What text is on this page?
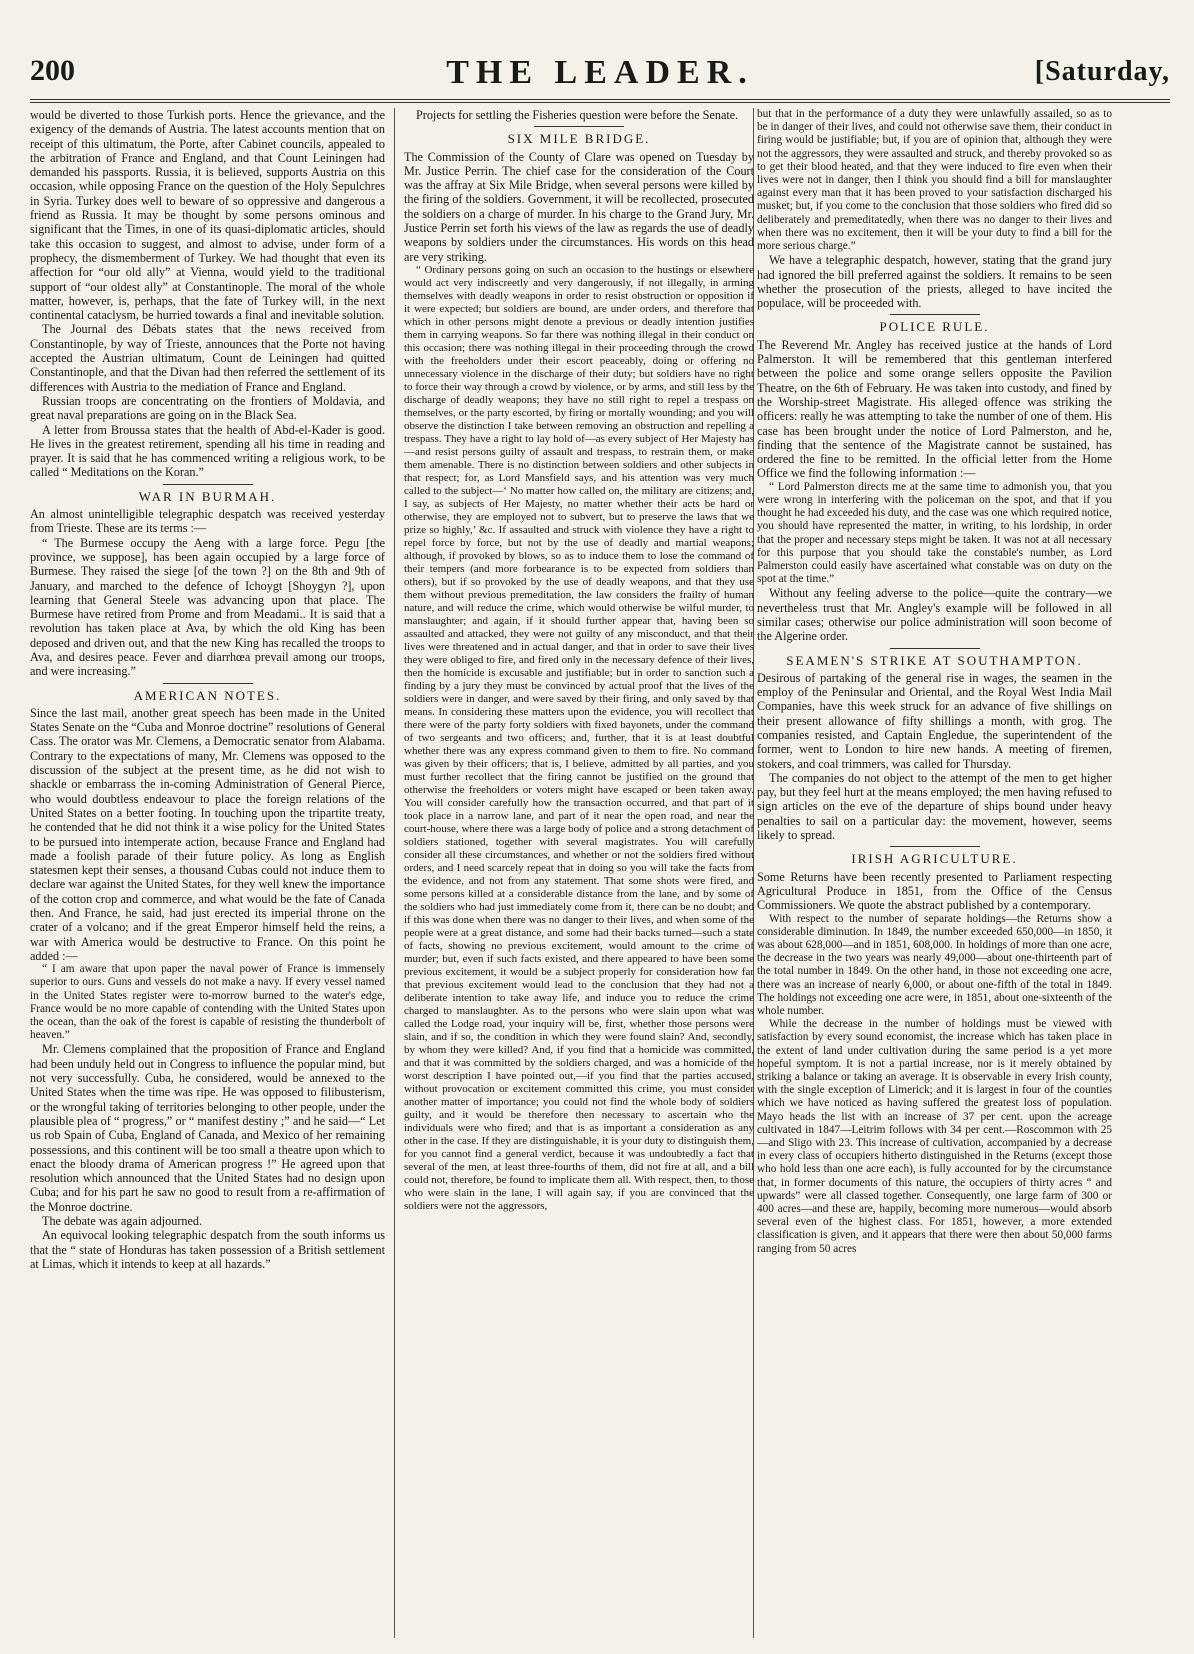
200	THE LEADER.	[Saturday,

would be diverted to those Turkish ports. Hence the grievance, and the exigency of the demands of Austria. The latest accounts mention that on receipt of this ultimatum, the Porte, after Cabinet councils, appealed to the arbitration of France and England, and that Count Leiningen had demanded his passports. Russia, it is believed, supports Austria on this occasion, while opposing France on the question of the Holy Sepulchres in Syria. Turkey does well to beware of so oppressive and dangerous a friend as Russia. It may be thought by some persons ominous and significant that the Times, in one of its quasi-diplomatic articles, should take this occasion to suggest, and almost to advise, under form of a prophecy, the dismemberment of Turkey. We had thought that even its affection for “our old ally” at Vienna, would yield to the traditional support of “our oldest ally” at Constantinople. The moral of the whole matter, however, is, perhaps, that the fate of Turkey will, in the next continental cataclysm, be hurried towards a final and inevitable solution.

The Journal des Débats states that the news received from Constantinople, by way of Trieste, announces that the Porte not having accepted the Austrian ultimatum, Count de Leiningen had quitted Constantinople, and that the Divan had then referred the settlement of its differences with Austria to the mediation of France and England.

Russian troops are concentrating on the frontiers of Moldavia, and great naval preparations are going on in the Black Sea.

A letter from Broussa states that the health of Abd-el-Kader is good. He lives in the greatest retirement, spending all his time in reading and prayer. It is said that he has commenced writing a religious work, to be called “ Meditations on the Koran.”

WAR IN BURMAH.

An almost unintelligible telegraphic despatch was received yesterday from Trieste. These are its terms :—

“ The Burmese occupy the Aeng with a large force. Pegu [the province, we suppose], has been again occupied by a large force of Burmese. They raised the siege [of the town ?] on the 8th and 9th of January, and marched to the defence of Ichoygt [Shoygyn ?], upon learning that General Steele was advancing upon that place. The Burmese have retired from Prome and from Meadami.. It is said that a revolution has taken place at Ava, by which the old King has been deposed and driven out, and that the new King has recalled the troops to Ava, and desires peace. Fever and diarrhœa prevail among our troops, and were increasing.”

AMERICAN NOTES.

Since the last mail, another great speech has been made in the United States Senate on the “Cuba and Monroe doctrine” resolutions of General Cass. The orator was Mr. Clemens, a Democratic senator from Alabama. Contrary to the expectations of many, Mr. Clemens was opposed to the discussion of the subject at the present time, as he did not wish to shackle or embarrass the in-coming Administration of General Pierce, who would doubtless endeavour to place the foreign relations of the United States on a better footing. In touching upon the tripartite treaty, he contended that he did not think it a wise policy for the United States to be pursued into intemperate action, because France and England had made a foolish parade of their future policy. As long as English statesmen kept their senses, a thousand Cubas could not induce them to declare war against the United States, for they well knew the importance of the cotton crop and commerce, and what would be the fate of Canada then. And France, he said, had just erected its imperial throne on the crater of a volcano; and if the great Emperor himself held the reins, a war with America would be destructive to France. On this point he added :—

“ I am aware that upon paper the naval power of France is immensely superior to ours. Guns and vessels do not make a navy. If every vessel named in the United States register were to-morrow burned to the water's edge, France would be no more capable of contending with the United States upon the ocean, than the oak of the forest is capable of resisting the thunderbolt of heaven.”

Mr. Clemens complained that the proposition of France and England had been unduly held out in Congress to influence the popular mind, but not very successfully. Cuba, he considered, would be annexed to the United States when the time was ripe. He was opposed to filibusterism, or the wrongful taking of territories belonging to other people, under the plausible plea of “ progress,” or “ manifest destiny ;” and he said—“ Let us rob Spain of Cuba, England of Canada, and Mexico of her remaining possessions, and this continent will be too small a theatre upon which to enact the bloody drama of American progress !” He agreed upon that resolution which announced that the United States had no design upon Cuba; and for his part he saw no good to result from a re-affirmation of the Monroe doctrine.

The debate was again adjourned.

An equivocal looking telegraphic despatch from the south informs us that the “ state of Honduras has taken possession of a British settlement at Limas, which it intends to keep at all hazards.”

Projects for settling the Fisheries question were before the Senate.

SIX MILE BRIDGE.

The Commission of the County of Clare was opened on Tuesday by Mr. Justice Perrin. The chief case for the consideration of the Court was the affray at Six Mile Bridge, when several persons were killed by the firing of the soldiers. Government, it will be recollected, prosecuted the soldiers on a charge of murder. In his charge to the Grand Jury, Mr. Justice Perrin set forth his views of the law as regards the use of deadly weapons by soldiers under the circumstances. His words on this head are very striking.

“ Ordinary persons going on such an occasion to the hustings or elsewhere would act very indiscreetly and very dangerously, if not illegally, in arming themselves with deadly weapons in order to resist obstruction or opposition if it were expected; but soldiers are bound, are under orders, and therefore that which in other persons might denote a previous or deadly intention justifies them in carrying weapons. So far there was nothing illegal in their conduct on this occasion; there was nothing illegal in their proceeding through the crowd with the freeholders under their escort peaceably, doing or offering no unnecessary violence in the discharge of their duty; but soldiers have no right to force their way through a crowd by violence, or by arms, and still less by the discharge of deadly weapons; they have no still right to repel a trespass on themselves, or the party escorted, by firing or mortally wounding; and you will observe the distinction I take between removing an obstruction and repelling a trespass. They have a right to lay hold of—as every subject of Her Majesty has—and resist persons guilty of assault and trespass, to restrain them, or make them amenable. There is no distinction between soldiers and other subjects in that respect; for, as Lord Mansfield says, and his attention was very much called to the subject—‘ No matter how called on, the military are citizens; and, I say, as subjects of Her Majesty, no matter whether their acts be hard or otherwise, they are employed not to subvert, but to preserve the laws that we prize so highly,’ &c. If assaulted and struck with violence they have a right to repel force by force, but not by the use of deadly and martial weapons; although, if provoked by blows, so as to induce them to lose the command of their tempers (and more forbearance is to be expected from soldiers than others), but if so provoked by the use of deadly weapons, and that they use them without previous premeditation, the law considers the frailty of human nature, and will reduce the crime, which would otherwise be wilful murder, to manslaughter; and again, if it should further appear that, having been so assaulted and attacked, they were not guilty of any misconduct, and that their lives were threatened and in actual danger, and that in order to save their lives they were obliged to fire, and fired only in the necessary defence of their lives, then the homicide is excusable and justifiable; but in order to sanction such a finding by a jury they must be convinced by actual proof that the lives of the soldiers were in danger, and were saved by their firing, and only saved by that means. In considering these matters upon the evidence, you will recollect that there were of the party forty soldiers with fixed bayonets, under the command of two sergeants and two officers; and, further, that it is at least doubtful whether there was any express command given to them to fire. No command was given by their officers; that is, I believe, admitted by all parties, and you must further recollect that the firing cannot be justified on the ground that otherwise the freeholders or voters might have escaped or been taken away. You will consider carefully how the transaction occurred, and that part of it took place in a narrow lane, and part of it near the open road, and near the court-house, where there was a large body of police and a strong detachment of soldiers stationed, together with several magistrates. You will carefully consider all these circumstances, and whether or not the soldiers fired without orders, and I need scarcely repeat that in doing so you will take the facts from the evidence, and not from any statement. That some shots were fired, and some persons killed at a considerable distance from the lane, and by some of the soldiers who had just immediately come from it, there can be no doubt; and if this was done when there was no danger to their lives, and when some of the people were at a great distance, and some had their backs turned—such a state of facts, showing no previous excitement, would amount to the crime of murder; but, even if such facts existed, and there appeared to have been some previous excitement, it would be a subject properly for consideration how far that previous excitement would lead to the conclusion that they had not a deliberate intention to take away life, and induce you to reduce the crime charged to manslaughter. As to the persons who were slain upon what was called the Lodge road, your inquiry will be, first, whether those persons were slain, and if so, the condition in which they were found slain? And, secondly, by whom they were killed? And, if you find that a homicide was committed, and that it was committed by the soldiers charged, and was a homicide of the worst description I have pointed out,—if you find that the parties accused, without provocation or excitement committed this crime, you must consider another matter of importance; you could not find the whole body of soldiers guilty, and it would be therefore then necessary to ascertain who the individuals were who fired; and that is as important a consideration as any other in the case. If they are distinguishable, it is your duty to distinguish them, for you cannot find a general verdict, because it was undoubtedly a fact that several of the men, at least three-fourths of them, did not fire at all, and a bill could not, therefore, be found to implicate them all. With respect, then, to those who were slain in the lane, I will again say, if you are convinced that the soldiers were not the aggressors,

but that in the performance of a duty they were unlawfully assailed, so as to be in danger of their lives, and could not otherwise save them, their conduct in firing would be justifiable; but, if you are of opinion that, although they were not the aggressors, they were assaulted and struck, and thereby provoked so as to get their blood heated, and that they were induced to fire even when their lives were not in danger, then I think you should find a bill for manslaughter against every man that it has been proved to your satisfaction discharged his musket; but, if you come to the conclusion that those soldiers who fired did so deliberately and premeditatedly, when there was no danger to their lives and when there was no excitement, then it will be your duty to find a bill for the more serious charge.”

We have a telegraphic despatch, however, stating that the grand jury had ignored the bill preferred against the soldiers. It remains to be seen whether the prosecution of the priests, alleged to have incited the populace, will be proceeded with.

POLICE RULE.

The Reverend Mr. Angley has received justice at the hands of Lord Palmerston. It will be remembered that this gentleman interfered between the police and some orange sellers opposite the Pavilion Theatre, on the 6th of February. He was taken into custody, and fined by the Worship-street Magistrate. His alleged offence was striking the officers: really he was attempting to take the number of one of them. His case has been brought under the notice of Lord Palmerston, and he, finding that the sentence of the Magistrate cannot be sustained, has ordered the fine to be remitted. In the official letter from the Home Office we find the following information :—

“ Lord Palmerston directs me at the same time to admonish you, that you were wrong in interfering with the policeman on the spot, and that if you thought he had exceeded his duty, and the case was one which required notice, you should have represented the matter, in writing, to his lordship, in order that the proper and necessary steps might be taken. It was not at all necessary for this purpose that you should take the constable's number, as Lord Palmerston could easily have ascertained what constable was on duty on the spot at the time.”

Without any feeling adverse to the police—quite the contrary—we nevertheless trust that Mr. Angley's example will be followed in all similar cases; otherwise our police administration will soon become of the Algerine order.

SEAMEN'S STRIKE AT SOUTHAMPTON.

Desirous of partaking of the general rise in wages, the seamen in the employ of the Peninsular and Oriental, and the Royal West India Mail Companies, have this week struck for an advance of five shillings on their present allowance of fifty shillings a month, with grog. The companies resisted, and Captain Engledue, the superintendent of the former, went to London to hire new hands. A meeting of firemen, stokers, and coal trimmers, was called for Thursday.

The companies do not object to the attempt of the men to get higher pay, but they feel hurt at the means employed; the men having refused to sign articles on the eve of the departure of ships bound under heavy penalties to sail on a particular day: the movement, however, seems likely to spread.

IRISH AGRICULTURE.

Some Returns have been recently presented to Parliament respecting Agricultural Produce in 1851, from the Office of the Census Commissioners. We quote the abstract published by a contemporary.

With respect to the number of separate holdings—the Returns show a considerable diminution. In 1849, the number exceeded 650,000—in 1850, it was about 628,000—and in 1851, 608,000. In holdings of more than one acre, the decrease in the two years was nearly 49,000—about one-thirteenth part of the total number in 1849. On the other hand, in those not exceeding one acre, there was an increase of nearly 6,000, or about one-fifth of the total in 1849. The holdings not exceeding one acre were, in 1851, about one-sixteenth of the whole number.

While the decrease in the number of holdings must be viewed with satisfaction by every sound economist, the increase which has taken place in the extent of land under cultivation during the same period is a yet more hopeful symptom. It is not a partial increase, nor is it merely obtained by striking a balance or taking an average. It is observable in every Irish county, with the single exception of Limerick; and it is largest in four of the counties which we have noticed as having suffered the greatest loss of population. Mayo heads the list with an increase of 37 per cent. upon the acreage cultivated in 1847—Leitrim follows with 34 per cent.—Roscommon with 25—and Sligo with 23. This increase of cultivation, accompanied by a decrease in every class of occupiers hitherto distinguished in the Returns (except those who hold less than one acre each), is fully accounted for by the circumstance that, in former documents of this nature, the occupiers of thirty acres “ and upwards” were all classed together. Consequently, one large farm of 300 or 400 acres—and these are, happily, becoming more numerous—would absorb several even of the highest class. For 1851, however, a more extended classification is given, and it appears that there were then about 50,000 farms ranging from 50 acres
